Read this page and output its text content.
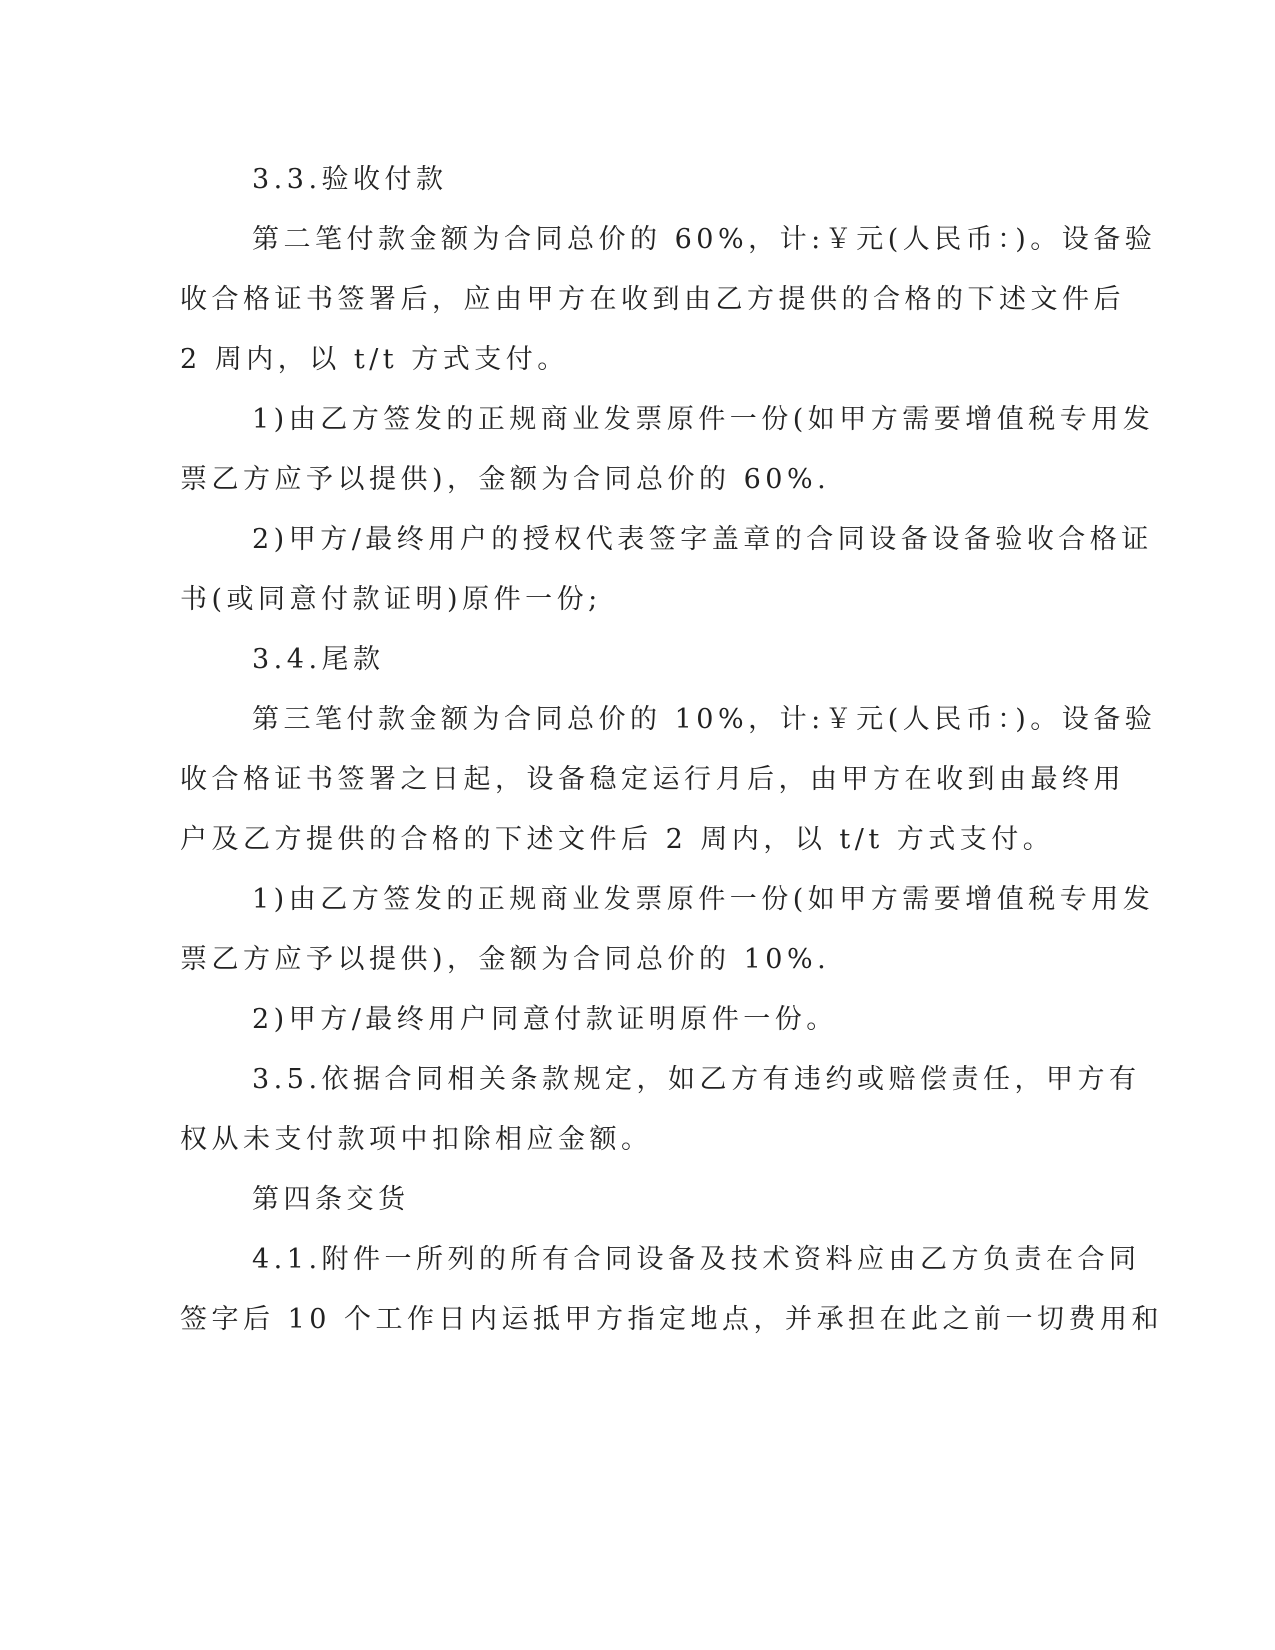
3.3.验收付款

第二笔付款金额为合同总价的 60%，计:￥元(人民币：)。设备验
收合格证书签署后，应由甲方在收到由乙方提供的合格的下述文件后
2 周内，以 t/t 方式支付。

1)由乙方签发的正规商业发票原件一份(如甲方需要增值税专用发
票乙方应予以提供)，金额为合同总价的 60%.

2)甲方/最终用户的授权代表签字盖章的合同设备设备验收合格证
书(或同意付款证明)原件一份;

3.4.尾款

第三笔付款金额为合同总价的 10%，计:￥元(人民币：)。设备验
收合格证书签署之日起，设备稳定运行月后，由甲方在收到由最终用
户及乙方提供的合格的下述文件后 2 周内，以 t/t 方式支付。

1)由乙方签发的正规商业发票原件一份(如甲方需要增值税专用发
票乙方应予以提供)，金额为合同总价的 10%.

2)甲方/最终用户同意付款证明原件一份。

3.5.依据合同相关条款规定，如乙方有违约或赔偿责任，甲方有
权从未支付款项中扣除相应金额。

第四条交货

4.1.附件一所列的所有合同设备及技术资料应由乙方负责在合同
签字后 10 个工作日内运抵甲方指定地点，并承担在此之前一切费用和
